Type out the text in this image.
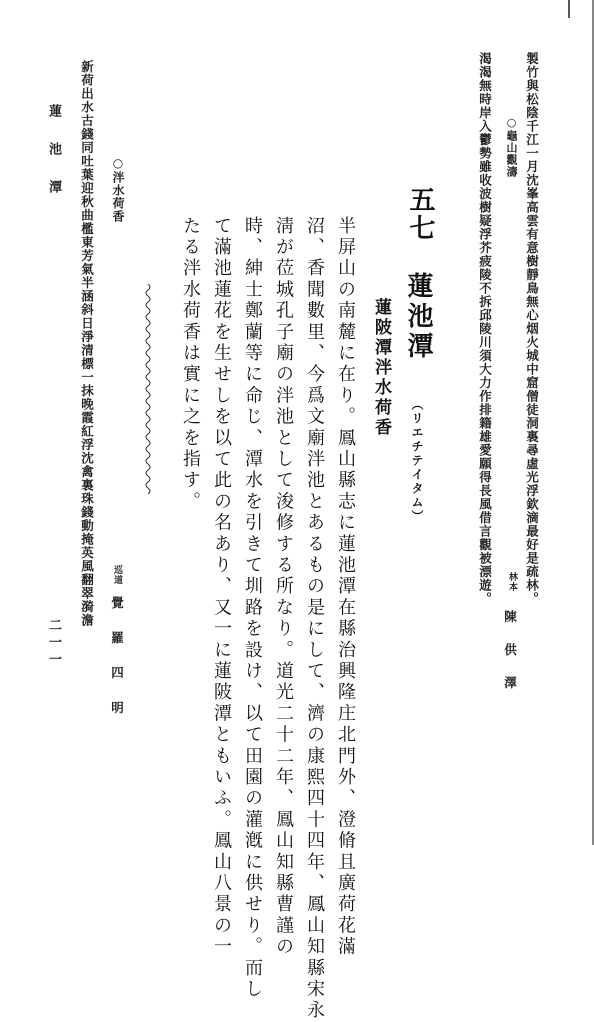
製竹與松陰千江一月沈峯高雲有意樹靜鳥無心烟火城中窟僧徒洞裏尋虛光浮欽滴最好是疏林。
○龜山觀濤
林本
陳　供　澤
渴渴無時岸入鬱勢雖收波樹疑浮芥疲陵不拆邱陵川須大力作排籍雄愛願得長風借言觀被漂遊。
五七
蓮池潭
（リエチテイタム）
蓮陂潭泮水荷香
半屏山の南麓に在り。鳳山縣志に蓮池潭在縣治興隆庄北門外、澄脩且廣荷花滿
沼、香聞數里、今爲文廟泮池とあるもの是にして、濟の康熙四十四年、鳳山知縣宋永
淸が莅城孔子廟の泮池として浚修する所なり。道光二十二年、鳳山知縣曹謹の
時、紳士鄭蘭等に命じ、潭水を引きて圳路を設け、以て田園の灌漑に供せり。而し
て滿池蓮花を生せしを以て此の名あり、又一に蓮陂潭ともいふ。鳳山八景の一
たる泮水荷香は實に之を指す。
○泮水荷香
巡道
覺　羅　四　明
新荷出水古錢同吐葉迎秋曲檻東芳氣半涵斜日淨清標一抹晚霞紅浮沈禽裏珠錢動掩英風翻翠漪澹
蓮　池　潭
二一一
